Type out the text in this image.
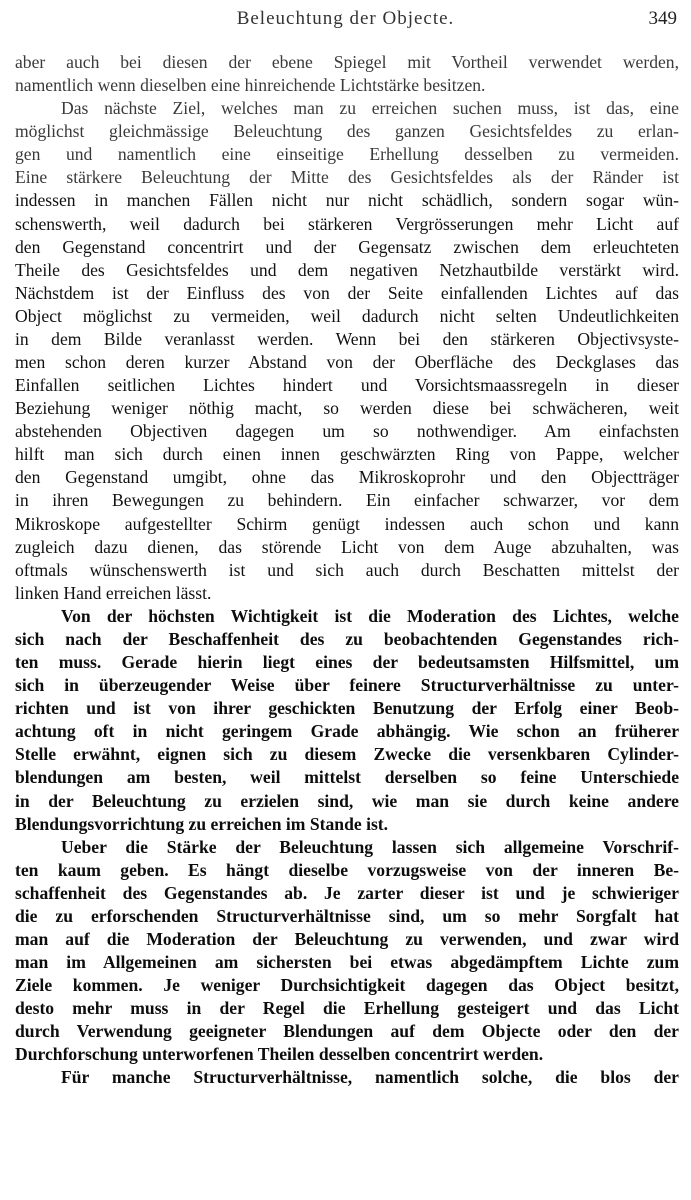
Beleuchtung der Objecte.	349
aber auch bei diesen der ebene Spiegel mit Vortheil verwendet werden,
namentlich wenn dieselben eine hinreichende Lichtstärke besitzen.
Das nächste Ziel, welches man zu erreichen suchen muss, ist das, eine
möglichst gleichmässige Beleuchtung des ganzen Gesichtsfeldes zu erlan-
gen und namentlich eine einseitige Erhellung desselben zu vermeiden.
Eine stärkere Beleuchtung der Mitte des Gesichtsfeldes als der Ränder ist
indessen in manchen Fällen nicht nur nicht schädlich, sondern sogar wün-
schenswerth, weil dadurch bei stärkeren Vergrösserungen mehr Licht auf
den Gegenstand concentrirt und der Gegensatz zwischen dem erleuchteten
Theile des Gesichtsfeldes und dem negativen Netzhautbilde verstärkt wird.
Nächstdem ist der Einfluss des von der Seite einfallenden Lichtes auf das
Object möglichst zu vermeiden, weil dadurch nicht selten Undeutlichkeiten
in dem Bilde veranlasst werden. Wenn bei den stärkeren Objectivsyste-
men schon deren kurzer Abstand von der Oberfläche des Deckglases das
Einfallen seitlichen Lichtes hindert und Vorsichtsmaassregeln in dieser
Beziehung weniger nöthig macht, so werden diese bei schwächeren, weit
abstehenden Objectiven dagegen um so nothwendiger. Am einfachsten
hilft man sich durch einen innen geschwärzten Ring von Pappe, welcher
den Gegenstand umgibt, ohne das Mikroskoprohr und den Objectträger
in ihren Bewegungen zu behindern. Ein einfacher schwarzer, vor dem
Mikroskope aufgestellter Schirm genügt indessen auch schon und kann
zugleich dazu dienen, das störende Licht von dem Auge abzuhalten, was
oftmals wünschenswerth ist und sich auch durch Beschatten mittelst der
linken Hand erreichen lässt.
Von der höchsten Wichtigkeit ist die Moderation des Lichtes, welche
sich nach der Beschaffenheit des zu beobachtenden Gegenstandes rich-
ten muss. Gerade hierin liegt eines der bedeutsamsten Hilfsmittel, um
sich in überzeugender Weise über feinere Structurverhältnisse zu unter-
richten und ist von ihrer geschickten Benutzung der Erfolg einer Beob-
achtung oft in nicht geringem Grade abhängig. Wie schon an früherer
Stelle erwähnt, eignen sich zu diesem Zwecke die versenkbaren Cylinder-
blendungen am besten, weil mittelst derselben so feine Unterschiede
in der Beleuchtung zu erzielen sind, wie man sie durch keine andere
Blendungsvorrichtung zu erreichen im Stande ist.
Ueber die Stärke der Beleuchtung lassen sich allgemeine Vorschrif-
ten kaum geben. Es hängt dieselbe vorzugsweise von der inneren Be-
schaffenheit des Gegenstandes ab. Je zarter dieser ist und je schwieriger
die zu erforschenden Structurverhältnisse sind, um so mehr Sorgfalt hat
man auf die Moderation der Beleuchtung zu verwenden, und zwar wird
man im Allgemeinen am sichersten bei etwas abgedämpftem Lichte zum
Ziele kommen. Je weniger Durchsichtigkeit dagegen das Object besitzt,
desto mehr muss in der Regel die Erhellung gesteigert und das Licht
durch Verwendung geeigneter Blendungen auf dem Objecte oder den der
Durchforschung unterworfenen Theilen desselben concentrirt werden.
Für manche Structurverhältnisse, namentlich solche, die blos der
